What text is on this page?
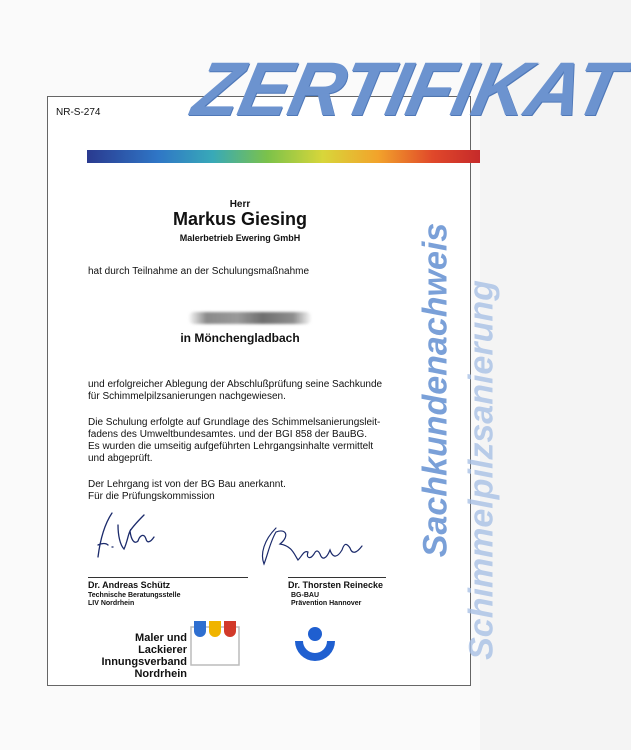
ZERTIFIKAT
Sachkundenachweis Schimmelpilzsanierung
NR-S-274
Herr
Markus Giesing
Malerbetrieb Ewering GmbH
hat durch Teilnahme an der Schulungsmaßnahme
in Mönchengladbach
und erfolgreicher Ablegung der Abschlußprüfung seine Sachkunde
für Schimmelpilzsanierungen nachgewiesen.
Die Schulung erfolgte auf Grundlage des Schimmelsanierungsleit-
fadens des Umweltbundesamtes. und der BGI 858 der BauBG.
Es wurden die umseitig aufgeführten Lehrgangsinhalte vermittelt
und abgeprüft.
Der Lehrgang ist von der BG Bau anerkannt.
Für die Prüfungskommission
Dr. Andreas Schütz
Technische Beratungsstelle
LIV Nordrhein
Dr. Thorsten Reinecke
BG-BAU
Prävention Hannover
Maler und Lackierer
Innungsverband
Nordrhein
